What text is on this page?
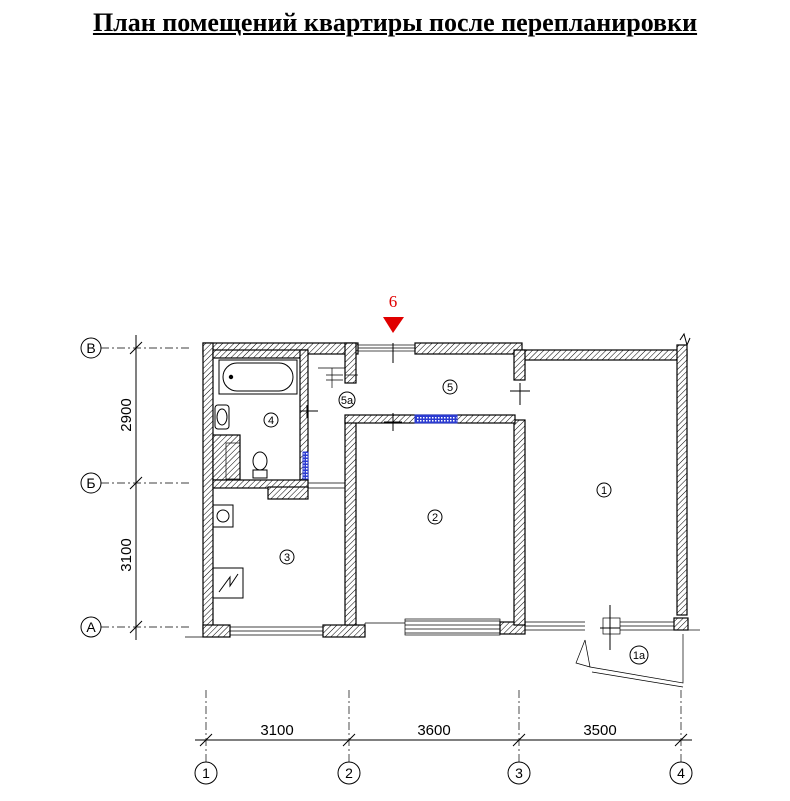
План помещений квартиры после перепланировки
6
1
1а
2
3
4
5
5а
В
Б
А
2900
3100
3100	3600	3500
1	2	3	4
